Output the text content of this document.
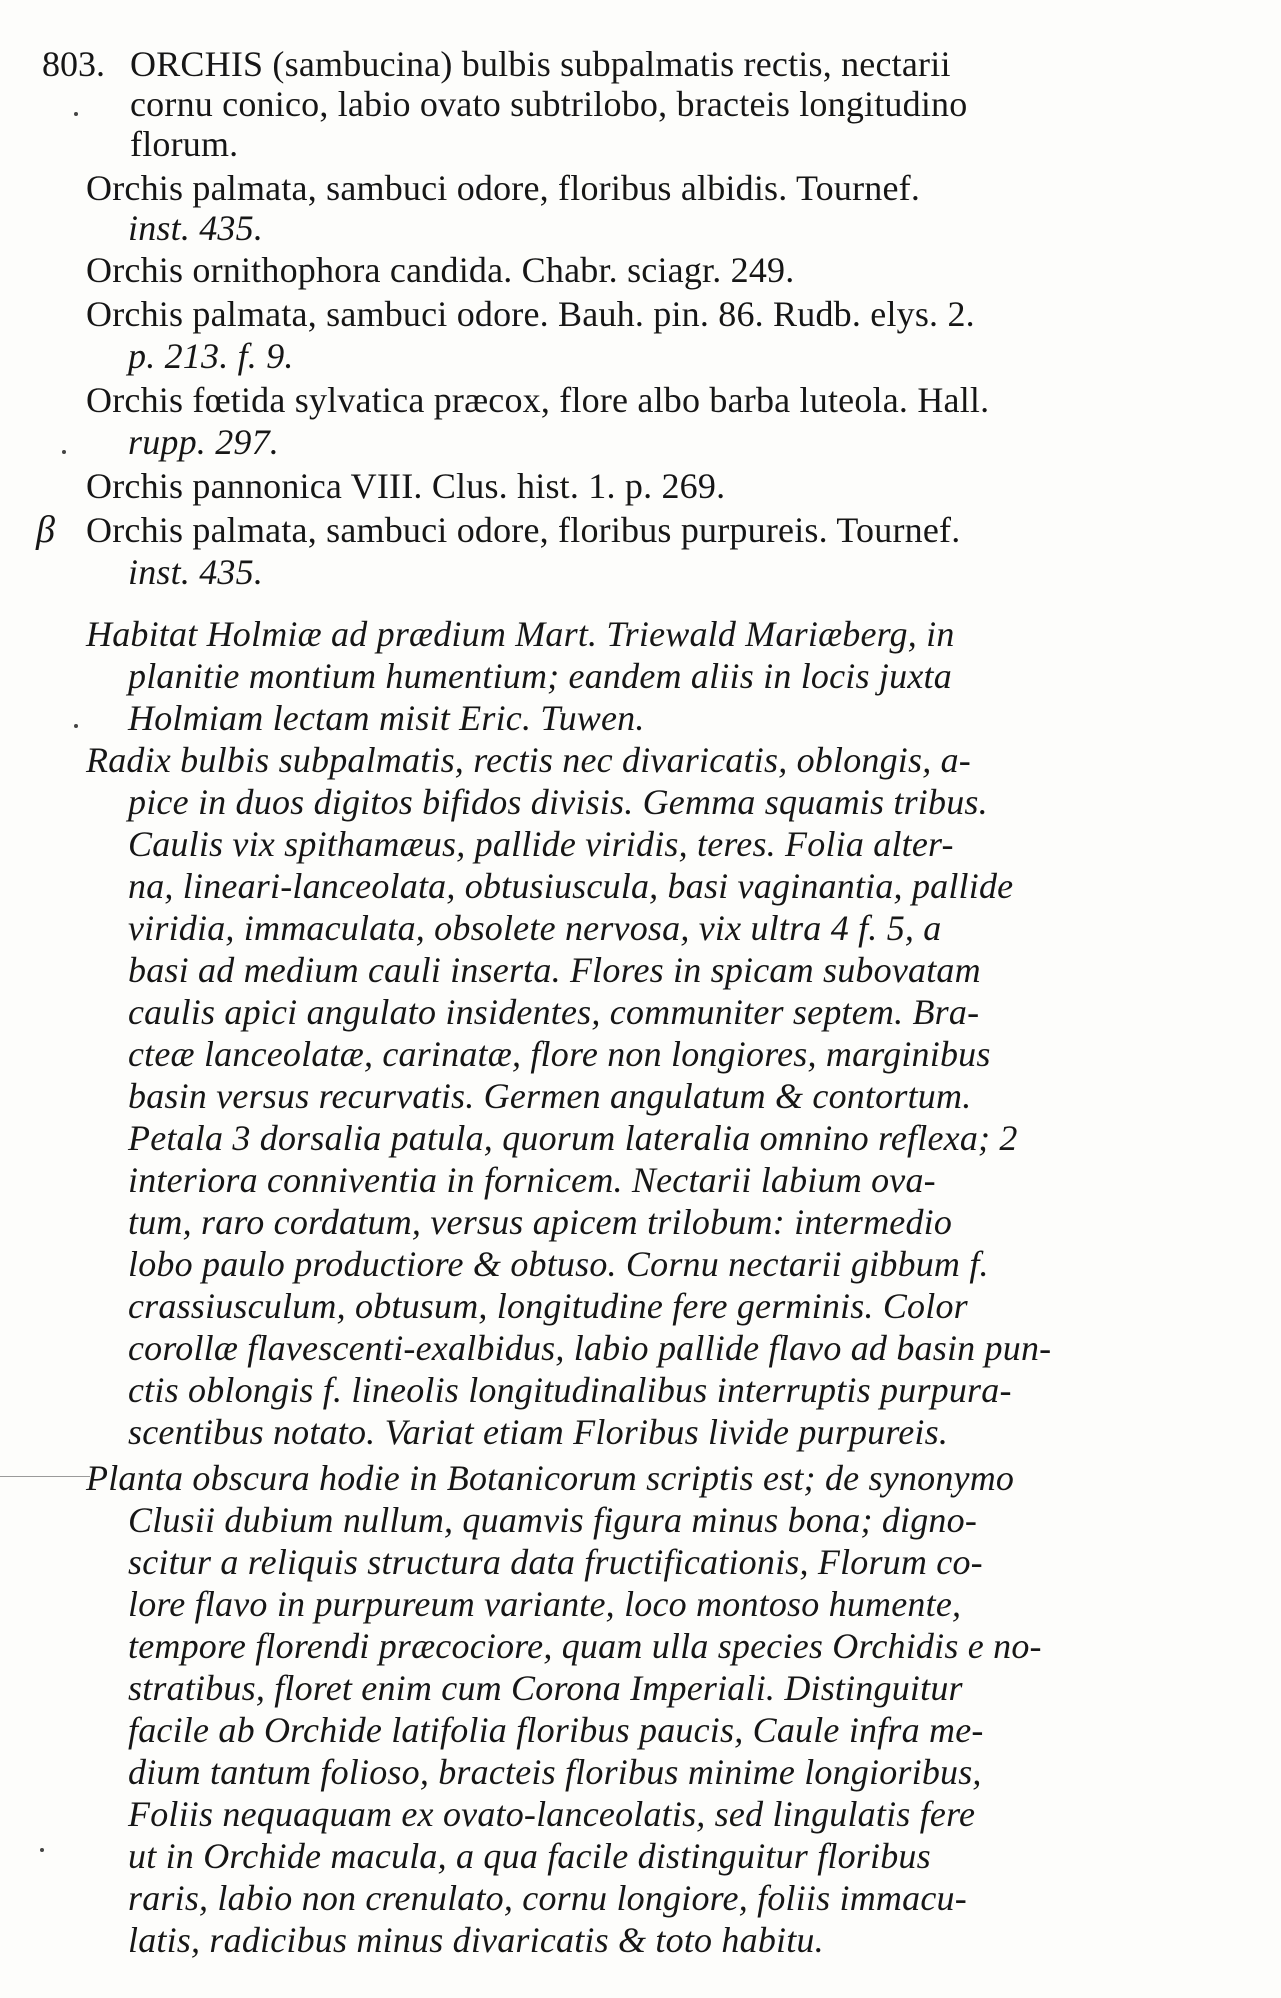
803. ORCHIS (sambucina) bulbis subpalmatis rectis, nectarii
cornu conico, labio ovato subtrilobo, bracteis longitudino
florum.
Orchis palmata, sambuci odore, floribus albidis. Tournef.
inst. 435.
Orchis ornithophora candida. Chabr. sciagr. 249.
Orchis palmata, sambuci odore. Bauh. pin. 86. Rudb. elys. 2.
p. 213. f. 9.
Orchis fœtida sylvatica præcox, flore albo barba luteola. Hall.
rupp. 297.
Orchis pannonica VIII. Clus. hist. 1. p. 269.
β Orchis palmata, sambuci odore, floribus purpureis. Tournef.
inst. 435.
Habitat Holmiæ ad prædium Mart. Triewald Mariæberg, in
planitie montium humentium; eandem aliis in locis juxta
Holmiam lectam misit Eric. Tuwen.
Radix bulbis subpalmatis, rectis nec divaricatis, oblongis, a-
pice in duos digitos bifidos divisis. Gemma squamis tribus.
Caulis vix spithamæus, pallide viridis, teres. Folia alter-
na, lineari-lanceolata, obtusiuscula, basi vaginantia, pallide
viridia, immaculata, obsolete nervosa, vix ultra 4 f. 5, a
basi ad medium cauli inserta. Flores in spicam subovatam
caulis apici angulato insidentes, communiter septem. Bra-
cteæ lanceolatæ, carinatæ, flore non longiores, marginibus
basin versus recurvatis. Germen angulatum & contortum.
Petala 3 dorsalia patula, quorum lateralia omnino reflexa; 2
interiora conniventia in fornicem. Nectarii labium ova-
tum, raro cordatum, versus apicem trilobum: intermedio
lobo paulo productiore & obtuso. Cornu nectarii gibbum f.
crassiusculum, obtusum, longitudine fere germinis. Color
corollæ flavescenti-exalbidus, labio pallide flavo ad basin pun-
ctis oblongis f. lineolis longitudinalibus interruptis purpura-
scentibus notato. Variat etiam Floribus livide purpureis.
Planta obscura hodie in Botanicorum scriptis est; de synonymo
Clusii dubium nullum, quamvis figura minus bona; digno-
scitur a reliquis structura data fructificationis, Florum co-
lore flavo in purpureum variante, loco montoso humente,
tempore florendi præcociore, quam ulla species Orchidis e no-
stratibus, floret enim cum Corona Imperiali. Distinguitur
facile ab Orchide latifolia floribus paucis, Caule infra me-
dium tantum folioso, bracteis floribus minime longioribus,
Foliis nequaquam ex ovato-lanceolatis, sed lingulatis fere
ut in Orchide macula, a qua facile distinguitur floribus
raris, labio non crenulato, cornu longiore, foliis immacu-
latis, radicibus minus divaricatis & toto habitu.
